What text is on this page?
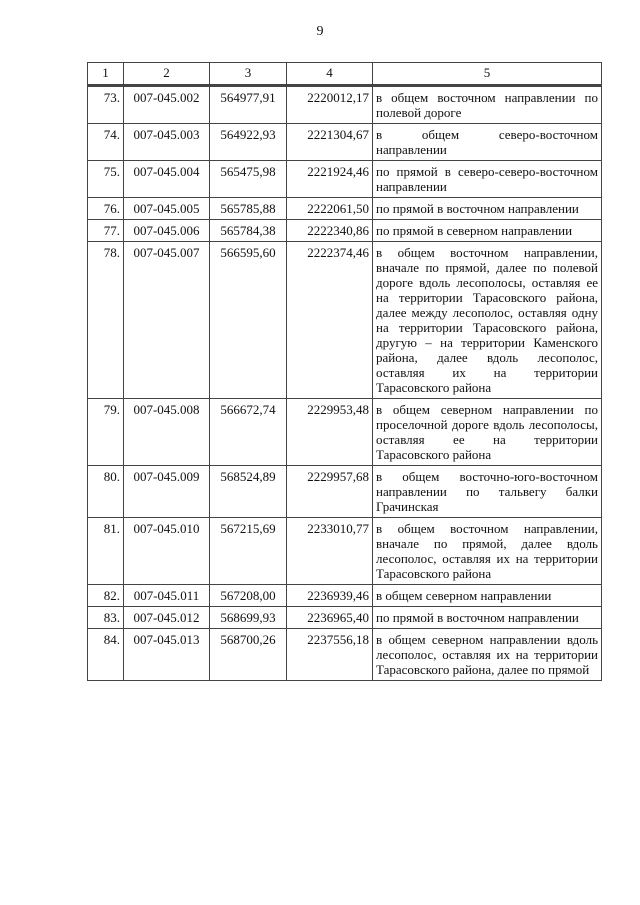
9
1	2	3	4	5
73.	007-045.002	564977,91	2220012,17	в общем восточном направлении по полевой дороге
74.	007-045.003	564922,93	2221304,67	в общем северо-восточном направлении
75.	007-045.004	565475,98	2221924,46	по прямой в северо-северо-восточном направлении
76.	007-045.005	565785,88	2222061,50	по прямой в восточном направлении
77.	007-045.006	565784,38	2222340,86	по прямой в северном направлении
78.	007-045.007	566595,60	2222374,46	в общем восточном направлении, вначале по прямой, далее по полевой дороге вдоль лесополосы, оставляя ее на территории Тарасовского района, далее между лесополос, оставляя одну на территории Тарасовского района, другую – на территории Каменского района, далее вдоль лесополос, оставляя их на территории Тарасовского района
79.	007-045.008	566672,74	2229953,48	в общем северном направлении по проселочной дороге вдоль лесополосы, оставляя ее на территории Тарасовского района
80.	007-045.009	568524,89	2229957,68	в общем восточно-юго-восточном направлении по тальвегу балки Грачинская
81.	007-045.010	567215,69	2233010,77	в общем восточном направлении, вначале по прямой, далее вдоль лесополос, оставляя их на территории Тарасовского района
82.	007-045.011	567208,00	2236939,46	в общем северном направлении
83.	007-045.012	568699,93	2236965,40	по прямой в восточном направлении
84.	007-045.013	568700,26	2237556,18	в общем северном направлении вдоль лесополос, оставляя их на территории Тарасовского района, далее по прямой
